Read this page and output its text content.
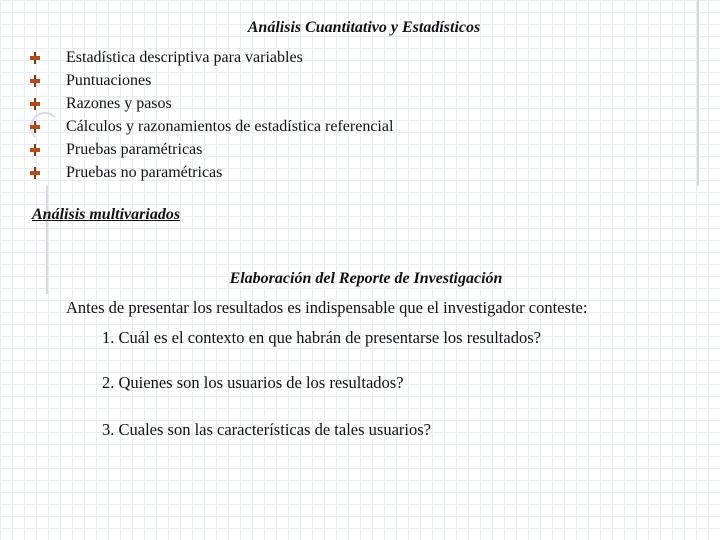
Análisis Cuantitativo y Estadísticos
Estadística descriptiva para variables
Puntuaciones
Razones y pasos
Cálculos y razonamientos de estadística referencial
Pruebas paramétricas
Pruebas no paramétricas
Análisis multivariados
Elaboración del Reporte de Investigación
Antes de presentar los resultados es indispensable que el investigador conteste:
1. Cuál es el contexto en que habrán de presentarse los resultados?
2. Quienes son los usuarios de los resultados?
3. Cuales son las características de tales usuarios?
